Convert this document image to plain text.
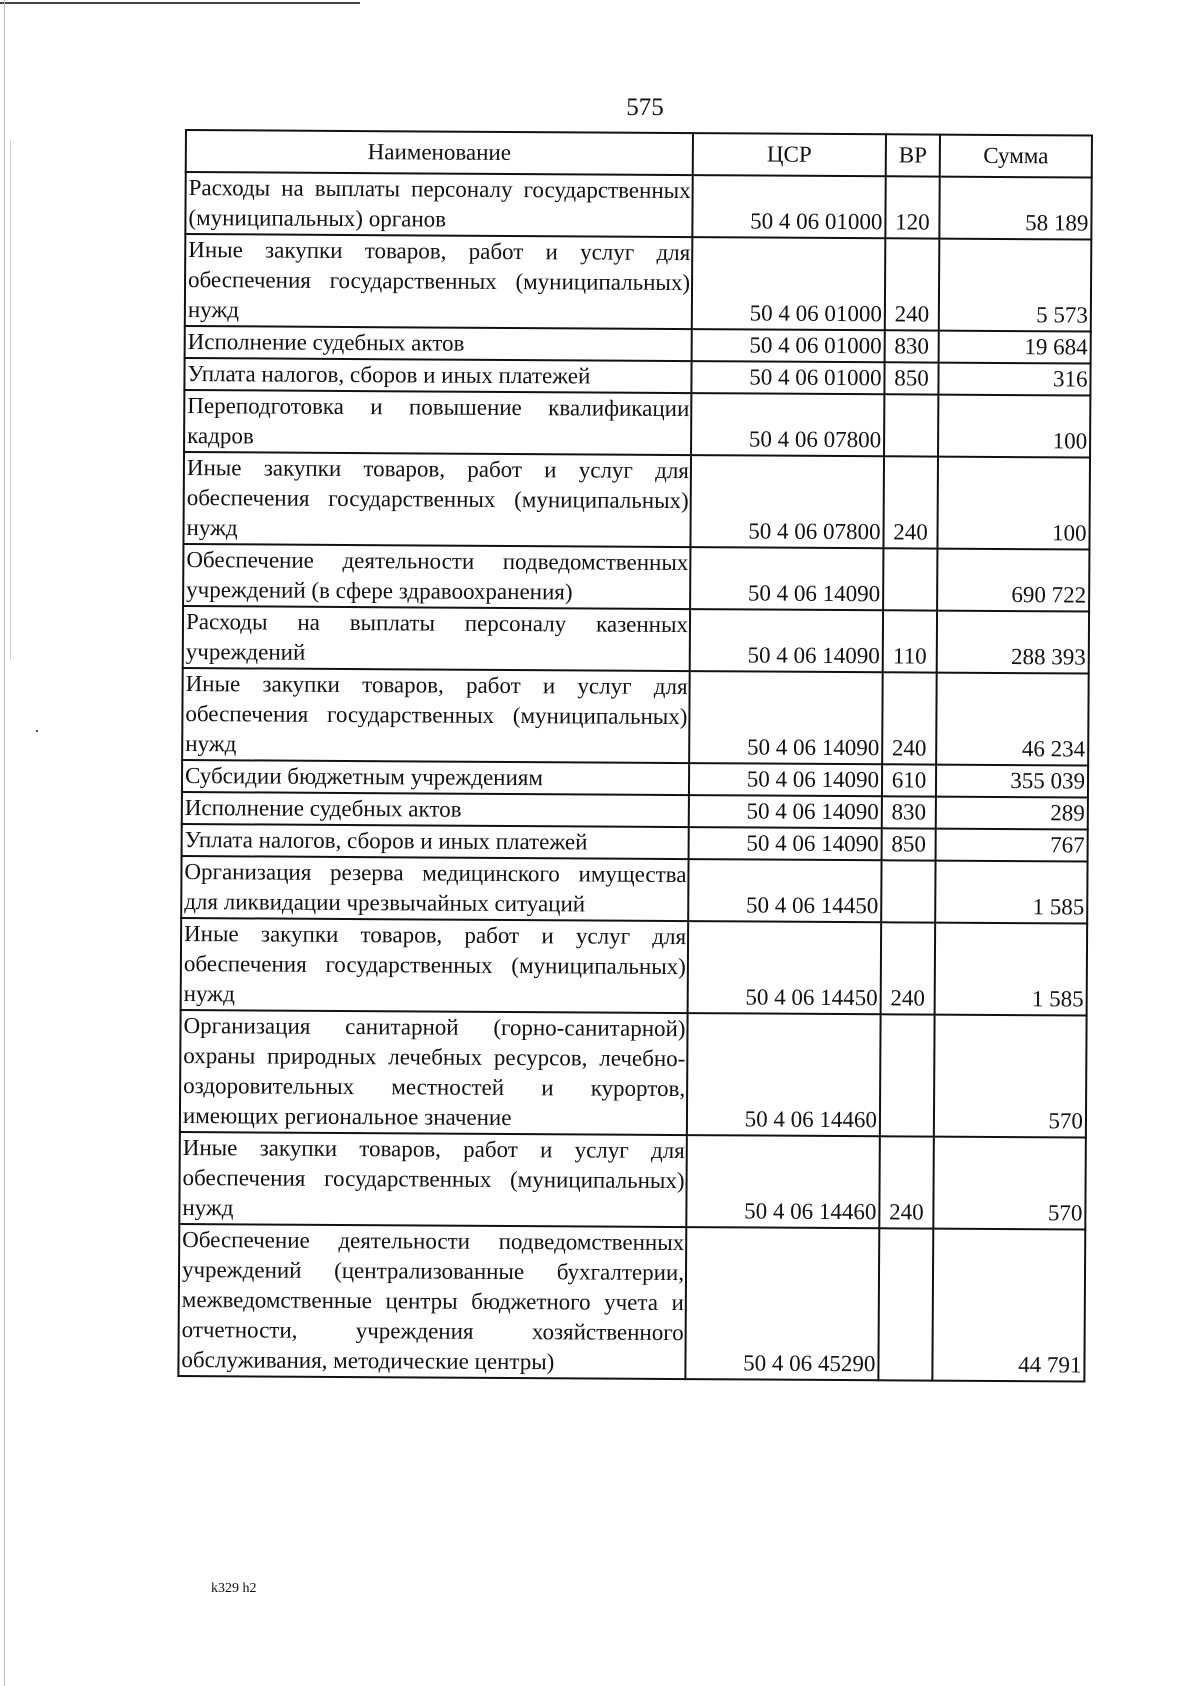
575
Наименование	ЦСР	ВР	Сумма
Расходы на выплаты персоналу государственных (муниципальных) органов	50 4 06 01000	120	58 189
Иные закупки товаров, работ и услуг для обеспечения государственных (муниципальных) нужд	50 4 06 01000	240	5 573
Исполнение судебных актов	50 4 06 01000	830	19 684
Уплата налогов, сборов и иных платежей	50 4 06 01000	850	316
Переподготовка и повышение квалификации кадров	50 4 06 07800		100
Иные закупки товаров, работ и услуг для обеспечения государственных (муниципальных) нужд	50 4 06 07800	240	100
Обеспечение деятельности подведомственных учреждений (в сфере здравоохранения)	50 4 06 14090		690 722
Расходы на выплаты персоналу казенных учреждений	50 4 06 14090	110	288 393
Иные закупки товаров, работ и услуг для обеспечения государственных (муниципальных) нужд	50 4 06 14090	240	46 234
Субсидии бюджетным учреждениям	50 4 06 14090	610	355 039
Исполнение судебных актов	50 4 06 14090	830	289
Уплата налогов, сборов и иных платежей	50 4 06 14090	850	767
Организация резерва медицинского имущества для ликвидации чрезвычайных ситуаций	50 4 06 14450		1 585
Иные закупки товаров, работ и услуг для обеспечения государственных (муниципальных) нужд	50 4 06 14450	240	1 585
Организация санитарной (горно-санитарной) охраны природных лечебных ресурсов, лечебно-оздоровительных местностей и курортов, имеющих региональное значение	50 4 06 14460		570
Иные закупки товаров, работ и услуг для обеспечения государственных (муниципальных) нужд	50 4 06 14460	240	570
Обеспечение деятельности подведомственных учреждений (централизованные бухгалтерии, межведомственные центры бюджетного учета и отчетности, учреждения хозяйственного обслуживания, методические центры)	50 4 06 45290		44 791
k329 h2
